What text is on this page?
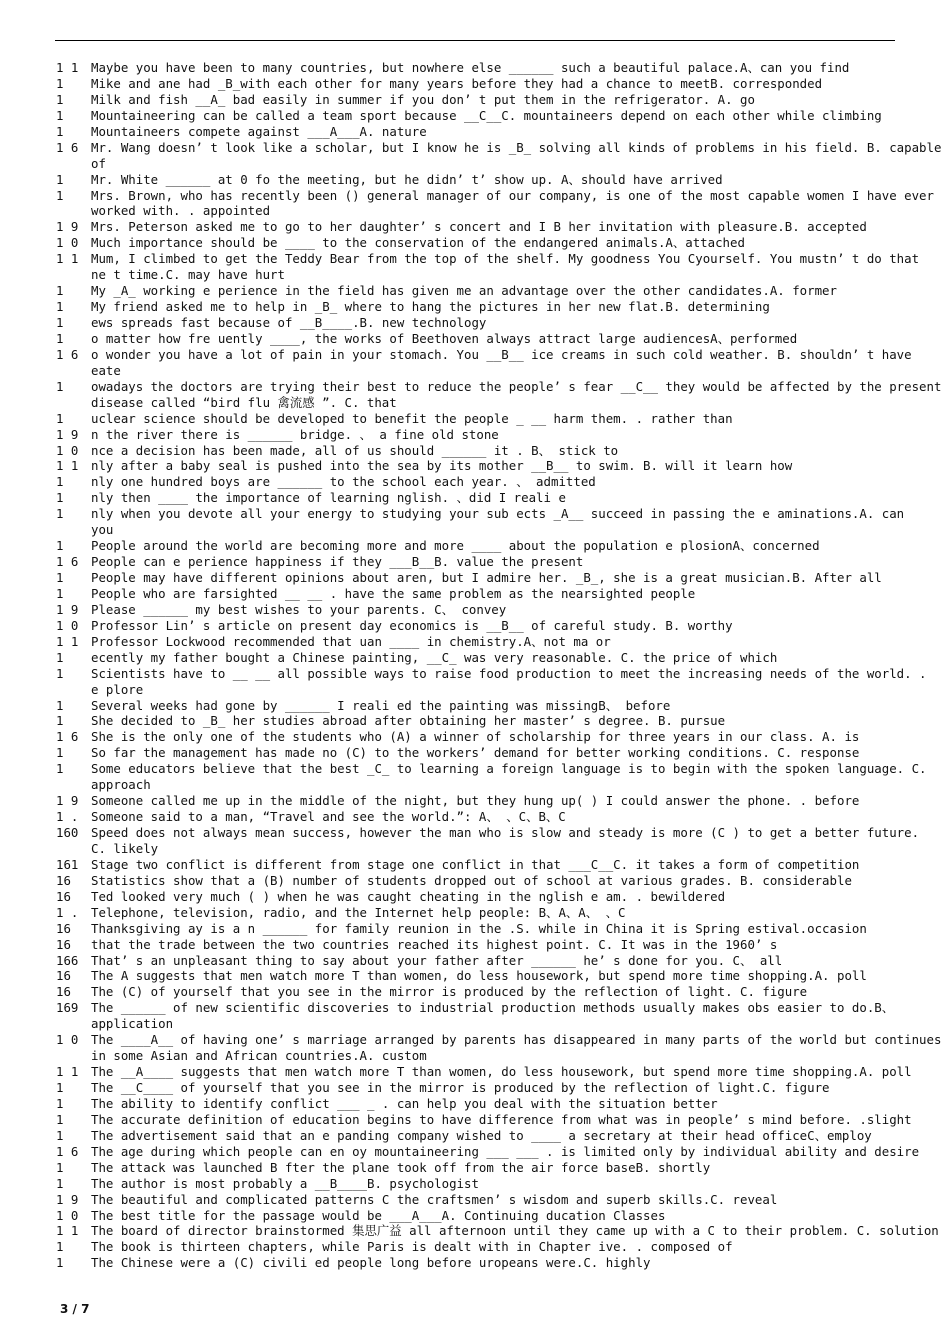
1 1	Maybe you have been to many countries, but nowhere else ______ such a beautiful palace.A、can you find
1	Mike and ane had _B_with each other for many years before they had a chance to meetB. corresponded
1	Milk and fish __A_ bad easily in summer if you don’ t put them in the refrigerator. A. go
1	Mountaineering can be called a team sport because __C__C. mountaineers depend on each other while climbing
1	Mountaineers compete against ___A___A. nature
1 6	Mr. Wang doesn’ t look like a scholar, but I know he is _B_ solving all kinds of problems in his field. B. capable
of
1	Mr. White ______ at 0 fo the meeting, but he didn’ t’ show up. A、should have arrived
1	Mrs. Brown, who has recently been () general manager of our company, is one of the most capable women I have ever
worked with. . appointed
1 9	Mrs. Peterson asked me to go to her daughter’ s concert and I B her invitation with pleasure.B. accepted
1 0	Much importance should be ____ to the conservation of the endangered animals.A、attached
1 1	Mum, I climbed to get the Teddy Bear from the top of the shelf. My goodness You Cyourself. You mustn’ t do that
ne t time.C. may have hurt
1	My _A_ working e perience in the field has given me an advantage over the other candidates.A. former
1	My friend asked me to help in _B_ where to hang the pictures in her new flat.B. determining
1	ews spreads fast because of __B____.B. new technology
1	o matter how fre uently ____, the works of Beethoven always attract large audiencesA、performed
1 6	o wonder you have a lot of pain in your stomach. You __B__ ice creams in such cold weather. B. shouldn’ t have
eate
1	owadays the doctors are trying their best to reduce the people’ s fear __C__ they would be affected by the present
disease called “bird flu 禽流感 ”. C. that
1	uclear science should be developed to benefit the people _ __ harm them. . rather than
1 9	n the river there is ______ bridge. 、 a fine old stone
1 0	nce a decision has been made, all of us should ______ it . B、 stick to
1 1	nly after a baby seal is pushed into the sea by its mother __B__ to swim. B. will it learn how
1	nly one hundred boys are ______ to the school each year. 、 admitted
1	nly then ____ the importance of learning nglish. 、did I reali e
1	nly when you devote all your energy to studying your sub ects _A__ succeed in passing the e aminations.A. can
you
1	People around the world are becoming more and more ____ about the population e plosionA、concerned
1 6	People can e perience happiness if they ___B__B. value the present
1	People may have different opinions about aren, but I admire her. _B_, she is a great musician.B. After all
1	People who are farsighted __ __ . have the same problem as the nearsighted people
1 9	Please ______ my best wishes to your parents. C、 convey
1 0	Professor Lin’ s article on present day economics is __B__ of careful study. B. worthy
1 1	Professor Lockwood recommended that uan ____ in chemistry.A、not ma or
1	ecently my father bought a Chinese painting, __C_ was very reasonable. C. the price of which
1	Scientists have to __ __ all possible ways to raise food production to meet the increasing needs of the world. .
e plore
1	Several weeks had gone by ______ I reali ed the painting was missingB、 before
1	She decided to _B_ her studies abroad after obtaining her master’ s degree. B. pursue
1 6	She is the only one of the students who (A) a winner of scholarship for three years in our class. A. is
1	So far the management has made no (C) to the workers’ demand for better working conditions. C. response
1	Some educators believe that the best _C_ to learning a foreign language is to begin with the spoken language. C.
approach
1 9	Someone called me up in the middle of the night, but they hung up( ) I could answer the phone. . before
1 .	Someone said to a man, “Travel and see the world.”: A、 、C、B、C
160	Speed does not always mean success, however the man who is slow and steady is more (C ) to get a better future.
C. likely
161	Stage two conflict is different from stage one conflict in that ___C__C. it takes a form of competition
16	Statistics show that a (B) number of students dropped out of school at various grades. B. considerable
16	Ted looked very much ( ) when he was caught cheating in the nglish e am. . bewildered
1 .	Telephone, television, radio, and the Internet help people: B、A、A、 、C
16	Thanksgiving ay is a n ______ for family reunion in the .S. while in China it is Spring estival.occasion
16	that the trade between the two countries reached its highest point. C. It was in the 1960’ s
166	That’ s an unpleasant thing to say about your father after ______ he’ s done for you. C、 all
16	The A suggests that men watch more T than women, do less housework, but spend more time shopping.A. poll
16	The (C) of yourself that you see in the mirror is produced by the reflection of light. C. figure
169	The ______ of new scientific discoveries to industrial production methods usually makes obs easier to do.B、
application
1 0	The ____A__ of having one’ s marriage arranged by parents has disappeared in many parts of the world but continues
in some Asian and African countries.A. custom
1 1	The __A____ suggests that men watch more T than women, do less housework, but spend more time shopping.A. poll
1	The __C____ of yourself that you see in the mirror is produced by the reflection of light.C. figure
1	The ability to identify conflict ___ _ . can help you deal with the situation better
1	The accurate definition of education begins to have difference from what was in people’ s mind before. .slight
1	The advertisement said that an e panding company wished to ____ a secretary at their head officeC、employ
1 6	The age during which people can en oy mountaineering ___ ___ . is limited only by individual ability and desire
1	The attack was launched B fter the plane took off from the air force baseB. shortly
1	The author is most probably a __B____B. psychologist
1 9	The beautiful and complicated patterns C the craftsmen’ s wisdom and superb skills.C. reveal
1 0	The best title for the passage would be ___A___A. Continuing ducation Classes
1 1	The board of director brainstormed 集思广益 all afternoon until they came up with a C to their problem. C. solution
1	The book is thirteen chapters, while Paris is dealt with in Chapter ive. . composed of
1	The Chinese were a (C) civili ed people long before uropeans were.C. highly
3 / 7
